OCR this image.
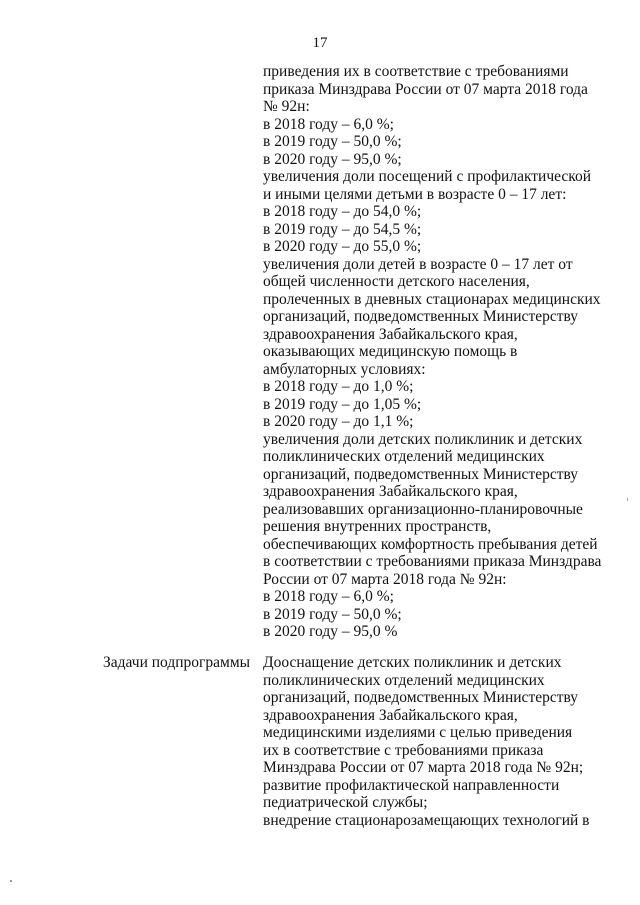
17
приведения их в соответствие с требованиями
приказа Минздрава России от 07 марта 2018 года
№ 92н:
в 2018 году – 6,0 %;
в 2019 году – 50,0 %;
в 2020 году – 95,0 %;
увеличения доли посещений с профилактической
и иными целями детьми в возрасте 0 – 17 лет:
в 2018 году – до 54,0 %;
в 2019 году – до 54,5 %;
в 2020 году – до 55,0 %;
увеличения доли детей в возрасте 0 – 17 лет от
общей численности детского населения,
пролеченных в дневных стационарах медицинских
организаций, подведомственных Министерству
здравоохранения Забайкальского края,
оказывающих медицинскую помощь в
амбулаторных условиях:
в 2018 году – до 1,0 %;
в 2019 году – до 1,05 %;
в 2020 году – до 1,1 %;
увеличения доли детских поликлиник и детских
поликлинических отделений медицинских
организаций, подведомственных Министерству
здравоохранения Забайкальского края,
реализовавших организационно-планировочные
решения внутренних пространств,
обеспечивающих комфортность пребывания детей
в соответствии с требованиями приказа Минздрава
России от 07 марта 2018 года № 92н:
в 2018 году – 6,0 %;
в 2019 году – 50,0 %;
в 2020 году – 95,0 %
Задачи подпрограммы Дооснащение детских поликлиник и детских
поликлинических отделений медицинских
организаций, подведомственных Министерству
здравоохранения Забайкальского края,
медицинскими изделиями с целью приведения
их в соответствие с требованиями приказа
Минздрава России от 07 марта 2018 года № 92н;
развитие профилактической направленности
педиатрической службы;
внедрение стационарозамещающих технологий в
